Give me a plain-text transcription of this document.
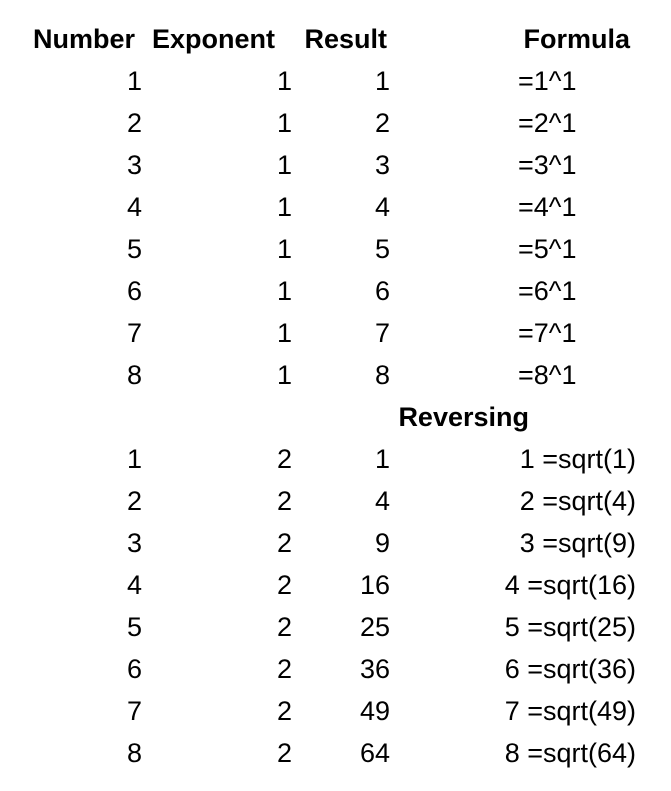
Number Exponent	Result	Formula
1	1	1	=1^1
2	1	2	=2^1
3	1	3	=3^1
4	1	4	=4^1
5	1	5	=5^1
6	1	6	=6^1
7	1	7	=7^1
8	1	8	=8^1
Reversing
1	2	1	1 =sqrt(1)
2	2	4	2 =sqrt(4)
3	2	9	3 =sqrt(9)
4	2	16	4 =sqrt(16)
5	2	25	5 =sqrt(25)
6	2	36	6 =sqrt(36)
7	2	49	7 =sqrt(49)
8	2	64	8 =sqrt(64)
